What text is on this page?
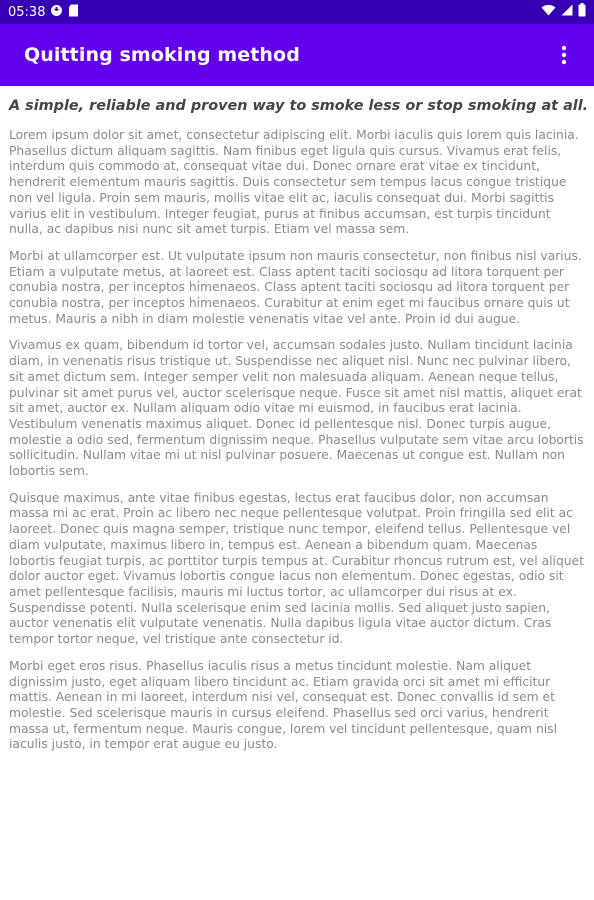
05:38
Quitting smoking method
A simple, reliable and proven way to smoke less or stop smoking at all.

Lorem ipsum dolor sit amet, consectetur adipiscing elit. Morbi iaculis quis lorem quis lacinia. Phasellus dictum aliquam sagittis. Nam finibus eget ligula quis cursus. Vivamus erat felis, interdum quis commodo at, consequat vitae dui. Donec ornare erat vitae ex tincidunt, hendrerit elementum mauris sagittis. Duis consectetur sem tempus lacus congue tristique non vel ligula. Proin sem mauris, mollis vitae elit ac, iaculis consequat dui. Morbi sagittis varius elit in vestibulum. Integer feugiat, purus at finibus accumsan, est turpis tincidunt nulla, ac dapibus nisi nunc sit amet turpis. Etiam vel massa sem.

Morbi at ullamcorper est. Ut vulputate ipsum non mauris consectetur, non finibus nisl varius. Etiam a vulputate metus, at laoreet est. Class aptent taciti sociosqu ad litora torquent per conubia nostra, per inceptos himenaeos. Class aptent taciti sociosqu ad litora torquent per conubia nostra, per inceptos himenaeos. Curabitur at enim eget mi faucibus ornare quis ut metus. Mauris a nibh in diam molestie venenatis vitae vel ante. Proin id dui augue.

Vivamus ex quam, bibendum id tortor vel, accumsan sodales justo. Nullam tincidunt lacinia diam, in venenatis risus tristique ut. Suspendisse nec aliquet nisl. Nunc nec pulvinar libero, sit amet dictum sem. Integer semper velit non malesuada aliquam. Aenean neque tellus, pulvinar sit amet purus vel, auctor scelerisque neque. Fusce sit amet nisl mattis, aliquet erat sit amet, auctor ex. Nullam aliquam odio vitae mi euismod, in faucibus erat lacinia. Vestibulum venenatis maximus aliquet. Donec id pellentesque nisl. Donec turpis augue, molestie a odio sed, fermentum dignissim neque. Phasellus vulputate sem vitae arcu lobortis sollicitudin. Nullam vitae mi ut nisl pulvinar posuere. Maecenas ut congue est. Nullam non lobortis sem.

Quisque maximus, ante vitae finibus egestas, lectus erat faucibus dolor, non accumsan massa mi ac erat. Proin ac libero nec neque pellentesque volutpat. Proin fringilla sed elit ac laoreet. Donec quis magna semper, tristique nunc tempor, eleifend tellus. Pellentesque vel diam vulputate, maximus libero in, tempus est. Aenean a bibendum quam. Maecenas lobortis feugiat turpis, ac porttitor turpis tempus at. Curabitur rhoncus rutrum est, vel aliquet dolor auctor eget. Vivamus lobortis congue lacus non elementum. Donec egestas, odio sit amet pellentesque facilisis, mauris mi luctus tortor, ac ullamcorper dui risus at ex. Suspendisse potenti. Nulla scelerisque enim sed lacinia mollis. Sed aliquet justo sapien, auctor venenatis elit vulputate venenatis. Nulla dapibus ligula vitae auctor dictum. Cras tempor tortor neque, vel tristique ante consectetur id.

Morbi eget eros risus. Phasellus iaculis risus a metus tincidunt molestie. Nam aliquet dignissim justo, eget aliquam libero tincidunt ac. Etiam gravida orci sit amet mi efficitur mattis. Aenean in mi laoreet, interdum nisi vel, consequat est. Donec convallis id sem et molestie. Sed scelerisque mauris in cursus eleifend. Phasellus sed orci varius, hendrerit massa ut, fermentum neque. Mauris congue, lorem vel tincidunt pellentesque, quam nisl iaculis justo, in tempor erat augue eu justo.
